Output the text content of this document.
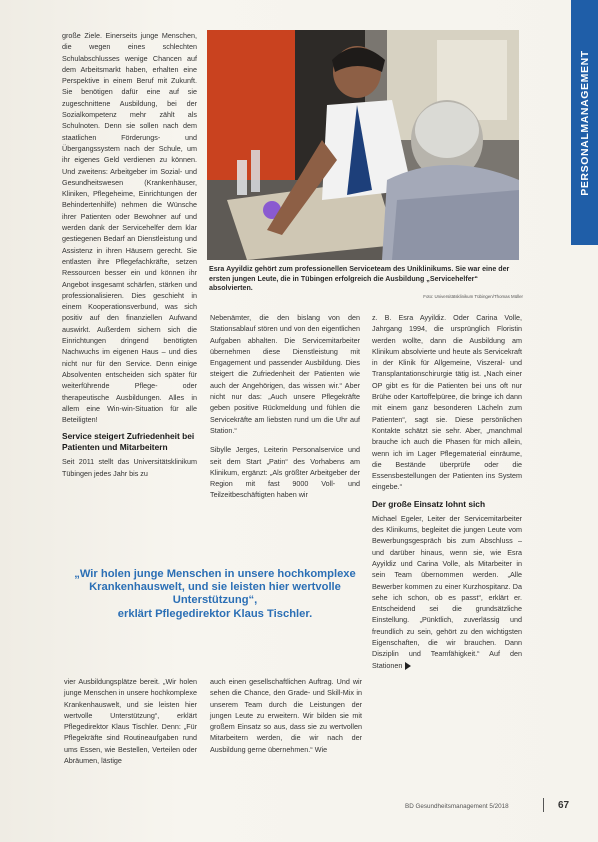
PERSONALMANAGEMENT
Esra Ayyildiz gehört zum professionellen Serviceteam des Uniklinikums. Sie war eine der ersten jungen Leute, die in Tübingen erfolgreich die Ausbildung „Servicehelfer“ absolvierten.
Foto: Universitätsklinikum Tübingen/Thomas Müller

große Ziele. Einerseits junge Menschen, die wegen eines schlechten Schulabschlusses wenige Chancen auf dem Arbeitsmarkt haben, erhalten eine Perspektive in einem Beruf mit Zukunft. Sie benötigen dafür eine auf sie zugeschnittene Ausbildung, bei der Sozialkompetenz mehr zählt als Schulnoten. Denn sie sollen nach dem staatlichen Förderungs- und Übergangssystem nach der Schule, um ihr eigenes Geld verdienen zu können. Und zweitens: Arbeitgeber im Sozial- und Gesundheitswesen (Krankenhäuser, Kliniken, Pflegeheime, Einrichtungen der Behindertenhilfe) nehmen die Wünsche ihrer Patienten oder Bewohner auf und werden dank der Servicehelfer dem klar gestiegenen Bedarf an Dienstleistung und Assistenz in ihren Häusern gerecht. Sie entlasten ihre Pflegefachkräfte, setzen Ressourcen besser ein und können ihr Angebot insgesamt schärfen, stärken und professionalisieren. Dies geschieht in einem Kooperationsverbund, was sich positiv auf den finanziellen Aufwand auswirkt. Außerdem sichern sich die Einrichtungen dringend benötigten Nachwuchs im eigenen Haus – und dies nicht nur für den Service. Denn einige Absolventen entscheiden sich später für weiterführende Pflege- oder therapeutische Ausbildungen. Alles in allem eine Win-win-Situation für alle Beteiligten!

Service steigert Zufriedenheit bei Patienten und Mitarbeitern

Seit 2011 stellt das Universitätsklinikum Tübingen jedes Jahr bis zu

Nebenämter, die den bislang von den Stationsablauf stören und von den eigentlichen Aufgaben abhalten. Die Servicemitarbeiter übernehmen diese Dienstleistung mit Engagement und passender Ausbildung. Dies steigert die Zufriedenheit der Patienten wie auch der Angehörigen, das wissen wir.“ Aber nicht nur das: „Auch unsere Pflegekräfte geben positive Rückmeldung und fühlen die Servicekräfte am liebsten rund um die Uhr auf Station.“

Sibylle Jerges, Leiterin Personalservice und seit dem Start „Patin“ des Vorhabens am Klinikum, ergänzt: „Als größter Arbeitgeber der Region mit fast 9000 Voll- und Teilzeitbeschäftigten haben wir

z. B. Esra Ayyildiz. Oder Carina Volle, Jahrgang 1994, die ursprünglich Floristin werden wollte, dann die Ausbildung am Klinikum absolvierte und heute als Servicekraft in der Klinik für Allgemeine, Viszeral- und Transplantationschirurgie tätig ist. „Nach einer OP gibt es für die Patienten bei uns oft nur Brühe oder Kartoffelpüree, die bringe ich dann mit einem ganz besonderen Lächeln zum Patienten“, sagt sie. Diese persönlichen Kontakte schätzt sie sehr. Aber, „manchmal brauche ich auch die Phasen für mich allein, wenn ich im Lager Pflegematerial einräume, die Bestände überprüfe oder die Essensbestellungen der Patienten ins System eingebe.“

Der große Einsatz lohnt sich

Michael Egeler, Leiter der Servicemitarbeiter des Klinikums, begleitet die jungen Leute vom Bewerbungsgespräch bis zum Abschluss – und darüber hinaus, wenn sie, wie Esra Ayyildiz und Carina Volle, als Mitarbeiter in sein Team übernommen werden. „Alle Bewerber kommen zu einer Kurzhospitanz. Da sehe ich schon, ob es passt“, erklärt er. Entscheidend sei die grundsätzliche Einstellung. „Pünktlich, zuverlässig und freundlich zu sein, gehört zu den wichtigsten Eigenschaften, die wir brauchen. Dann Disziplin und Teamfähigkeit.“ Auf den Stationen

„Wir holen junge Menschen in unsere hochkomplexe Krankenhauswelt, und sie leisten hier wertvolle Unterstützung“,
erklärt Pflegedirektor Klaus Tischler.

vier Ausbildungsplätze bereit. „Wir holen junge Menschen in unsere hochkomplexe Krankenhauswelt, und sie leisten hier wertvolle Unterstützung“, erklärt Pflegedirektor Klaus Tischler. Denn: „Für Pflegekräfte sind Routineaufgaben rund ums Essen, wie Bestellen, Verteilen oder Abräumen, lästige

auch einen gesellschaftlichen Auftrag. Und wir sehen die Chance, den Grade- und Skill-Mix in unserem Team durch die Leistungen der jungen Leute zu erweitern. Wir bilden sie mit großem Einsatz so aus, dass sie zu wertvollen Mitarbeitern werden, die wir nach der Ausbildung gerne übernehmen.“ Wie

BD Gesundheitsmanagement 5/2018	67
